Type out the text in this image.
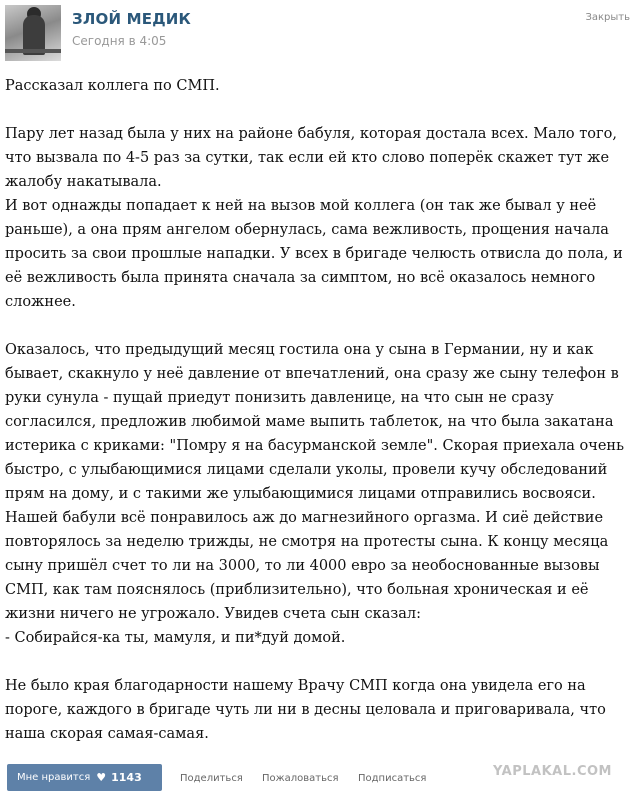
ЗЛОЙ МЕДИК
Сегодня в 4:05
Закрыть

Рассказал коллега по СМП.

Пару лет назад была у них на районе бабуля, которая достала всех. Мало того,
что вызвала по 4-5 раз за сутки, так если ей кто слово поперёк скажет тут же
жалобу накатывала.
И вот однажды попадает к ней на вызов мой коллега (он так же бывал у неё
раньше), а она прям ангелом обернулась, сама вежливость, прощения начала
просить за свои прошлые нападки. У всех в бригаде челюсть отвисла до пола, и
её вежливость была принята сначала за симптом, но всё оказалось немного
сложнее.

Оказалось, что предыдущий месяц гостила она у сына в Германии, ну и как
бывает, скакнуло у неё давление от впечатлений, она сразу же сыну телефон в
руки сунула - пущай приедут понизить давленице, на что сын не сразу
согласился, предложив любимой маме выпить таблеток, на что была закатана
истерика с криками: "Помру я на басурманской земле". Скорая приехала очень
быстро, с улыбающимися лицами сделали уколы, провели кучу обследований
прям на дому, и с такими же улыбающимися лицами отправились восвояси.
Нашей бабули всё понравилось аж до магнезийного оргазма. И сиё действие
повторялось за неделю трижды, не смотря на протесты сына. К концу месяца
сыну пришёл счет то ли на 3000, то ли 4000 евро за необоснованные вызовы
СМП, как там пояснялось (приблизительно), что больная хроническая и её
жизни ничего не угрожало. Увидев счета сын сказал:
- Собирайся-ка ты, мамуля, и пи*дуй домой.

Не было края благодарности нашему Врачу СМП когда она увидела его на
пороге, каждого в бригаде чуть ли ни в десны целовала и приговаривала, что
наша скорая самая-самая.

Мне нравится ♥ 1143	Поделиться Пожаловаться Подписаться	YAPLAKAL.COM
